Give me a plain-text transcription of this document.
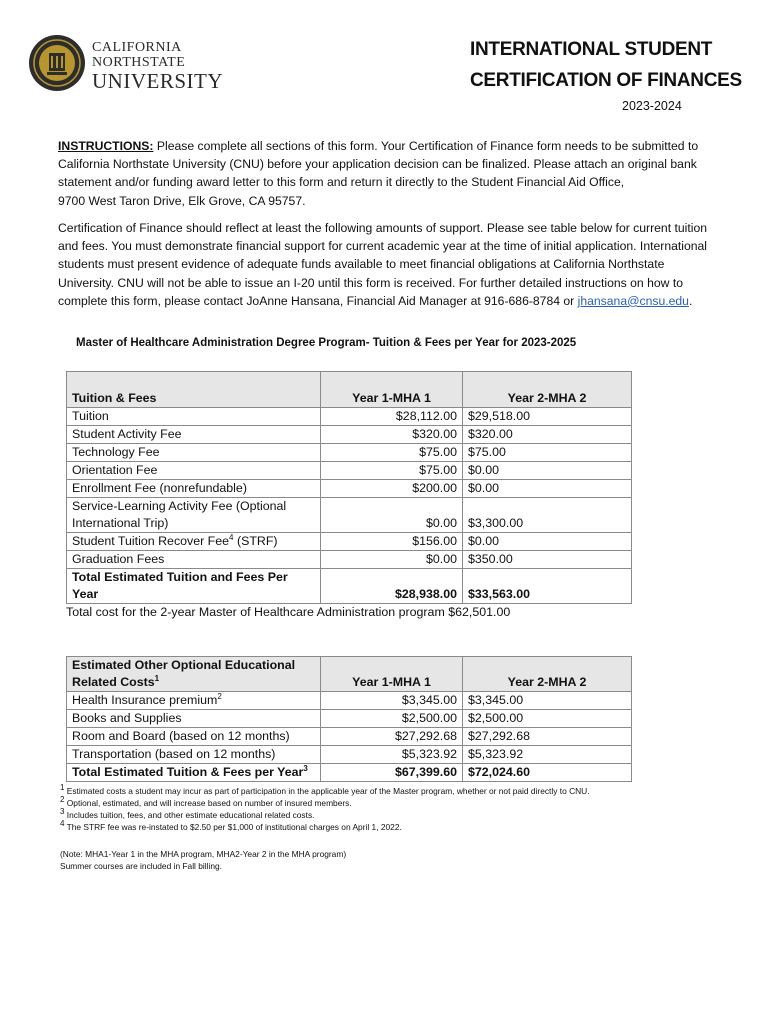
CALIFORNIA
NORTHSTATE
UNIVERSITY
INTERNATIONAL STUDENT
CERTIFICATION OF FINANCES
2023-2024
INSTRUCTIONS: Please complete all sections of this form. Your Certification of Finance form needs to be submitted to California Northstate University (CNU) before your application decision can be finalized. Please attach an original bank statement and/or funding award letter to this form and return it directly to the Student Financial Aid Office,
9700 West Taron Drive, Elk Grove, CA 95757.
Certification of Finance should reflect at least the following amounts of support. Please see table below for current tuition and fees. You must demonstrate financial support for current academic year at the time of initial application. International students must present evidence of adequate funds available to meet financial obligations at California Northstate University. CNU will not be able to issue an I-20 until this form is received. For further detailed instructions on how to complete this form, please contact JoAnne Hansana, Financial Aid Manager at 916-686-8784 or jhansana@cnsu.edu.
Master of Healthcare Administration Degree Program- Tuition & Fees per Year for 2023-2025
Tuition & Fees	Year 1-MHA 1	Year 2-MHA 2
Tuition	$28,112.00	$29,518.00
Student Activity Fee	$320.00	$320.00
Technology Fee	$75.00	$75.00
Orientation Fee	$75.00	$0.00
Enrollment Fee (nonrefundable)	$200.00	$0.00
Service-Learning Activity Fee (Optional
International Trip)	$0.00	$3,300.00
Student Tuition Recover Fee$^4$ (STRF)	$156.00	$0.00
Graduation Fees	$0.00	$350.00
Total Estimated Tuition and Fees Per Year	$28,938.00	$33,563.00
Total cost for the 2-year Master of Healthcare Administration program $62,501.00
Estimated Other Optional Educational
Related Costs$^1$	Year 1-MHA 1	Year 2-MHA 2
Health Insurance premium$^2$	$3,345.00	$3,345.00
Books and Supplies	$2,500.00	$2,500.00
Room and Board (based on 12 months)	$27,292.68	$27,292.68
Transportation (based on 12 months)	$5,323.92	$5,323.92
Total Estimated Tuition & Fees per Year$^3$	$67,399.60	$72,024.60
$^1$ Estimated costs a student may incur as part of participation in the applicable year of the Master program, whether or not paid directly to CNU.
$^2$ Optional, estimated, and will increase based on number of insured members.
$^3$ Includes tuition, fees, and other estimate educational related costs.
$^4$ The STRF fee was re-instated to $2.50 per $1,000 of institutional charges on April 1, 2022.
(Note: MHA1-Year 1 in the MHA program, MHA2-Year 2 in the MHA program)
Summer courses are included in Fall billing.
